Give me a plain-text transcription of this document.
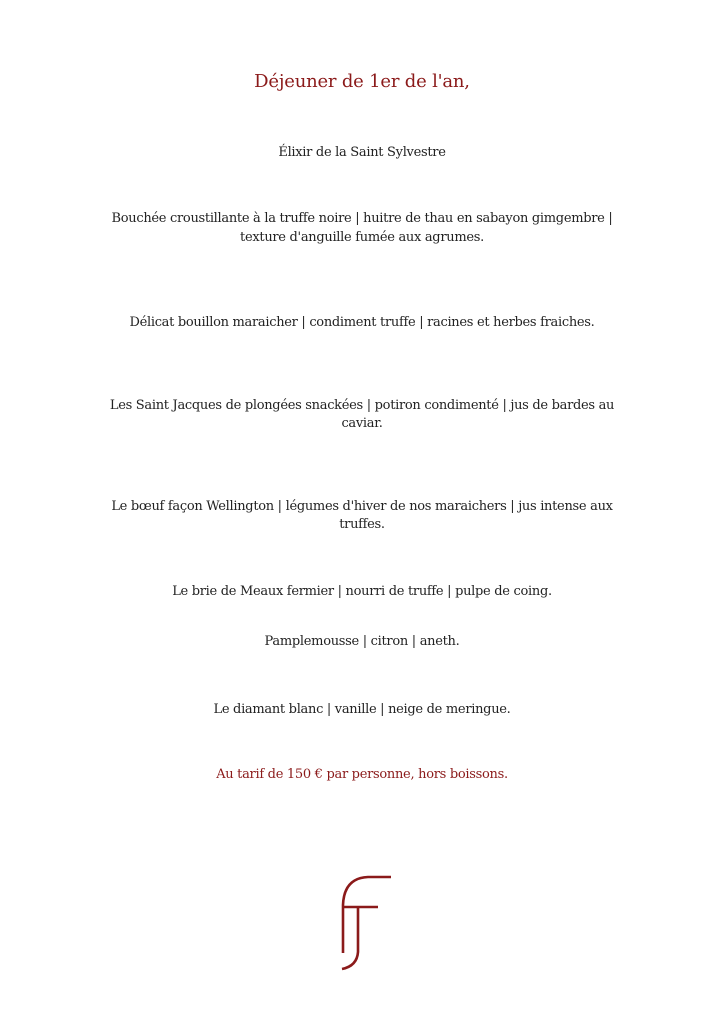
Déjeuner de 1er de l'an,
Élixir de la Saint Sylvestre
Bouchée croustillante à la truffe noire | huitre de thau en sabayon gimgembre |
texture d'anguille fumée aux agrumes.
Délicat bouillon maraicher | condiment truffe | racines et herbes fraiches.
Les Saint Jacques de plongées snackées | potiron condimenté | jus de bardes au
caviar.
Le bœuf façon Wellington | légumes d'hiver de nos maraichers | jus intense aux
truffes.
Le brie de Meaux fermier | nourri de truffe | pulpe de coing.
Pamplemousse | citron | aneth.
Le diamant blanc | vanille | neige de meringue.
Au tarif de 150 € par personne, hors boissons.
